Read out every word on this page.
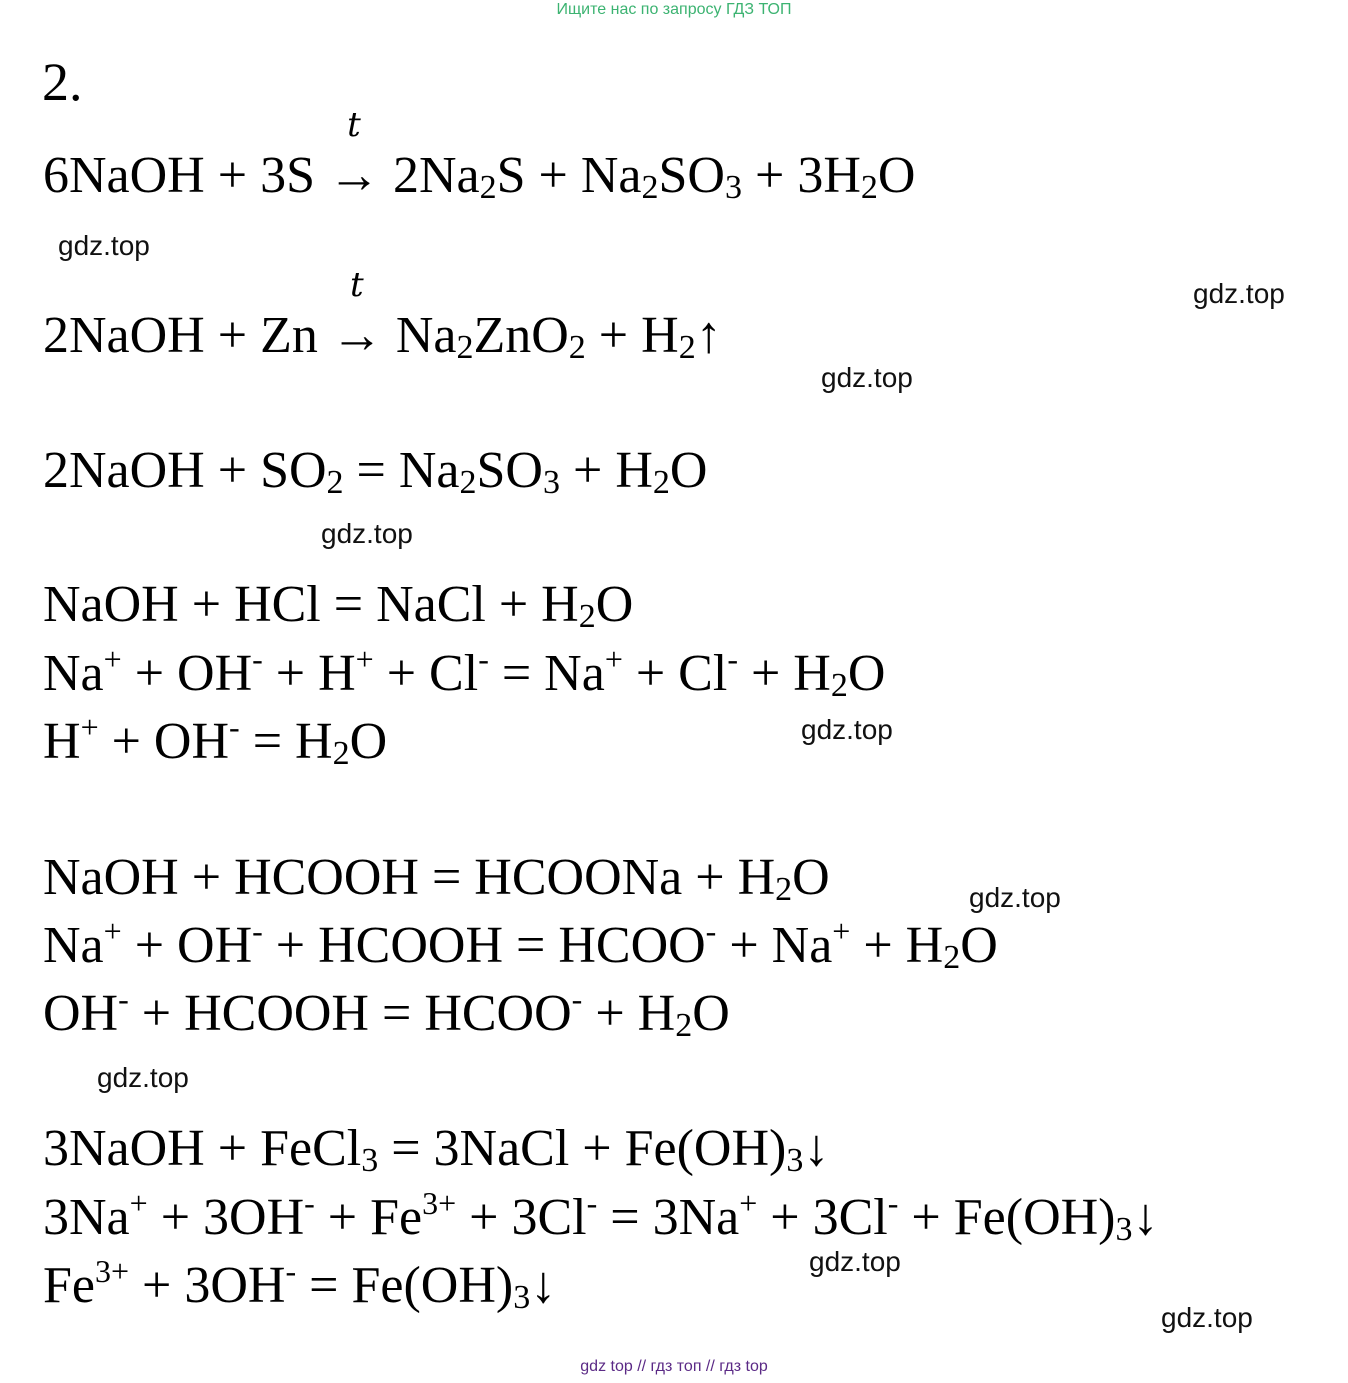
Ищите нас по запросу ГДЗ ТОП
2.
6NaOH + 3S
t
→ $2Na_2S + Na_2SO_3 + 3H_2O$
2NaOH + Zn
t
→ $Na_2ZnO_2$ + $H_2↑$
2NaOH + $SO_2 = Na_2SO_3 + H_2O$
NaOH + HCl = NaCl + $H_2O$
$Na^+ + OH^- + H^+ + Cl^- = Na^+ + Cl^- + H_2O$
$H^+ + OH^- = H_2O$
NaOH + HCOOH = HCOONa + $H_2O$
Na+ + OH- + HCOOH = HCOO- + $Na^+ + H_2O$
OH- + HCOOH = HCOO- + $H_2O$
3NaOH + FeCl$_3$ = 3NaCl + $Fe(OH)_3↓$
$3Na^+ + 3OH^- + Fe^{3+} + 3Cl^- = 3Na^+ + 3Cl^-$ + $Fe(OH)_3↓$
$Fe^{3+} + 3OH^-$ = $Fe(OH)_3↓$
gdz.top
gdz.top
gdz.top
gdz.top
gdz.top
gdz.top
gdz.top
gdz.top
gdz.top
gdz top // гдз топ // гдз top
